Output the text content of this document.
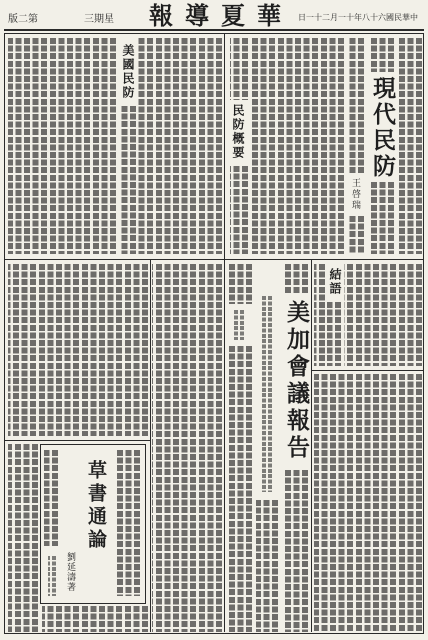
第二版	星期三 華夏導報 中華民國六十八年十一月二十一日
現代民防
王啓瑞
民防概要
美國民防
結語
美加會議報告
草書通論
劉延濤著
